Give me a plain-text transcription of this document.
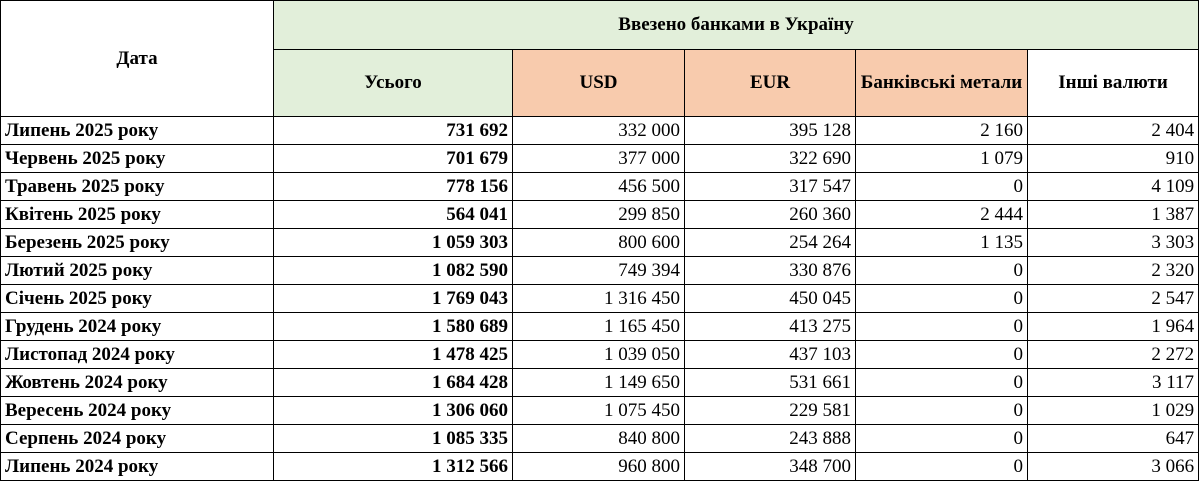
Дата	Ввезено банками в Україну				
	Усього	USD	EUR	Банківські метали	Інші валюти
Липень 2025 року	731 692	332 000	395 128	2 160	2 404
Червень 2025 року	701 679	377 000	322 690	1 079	910
Травень 2025 року	778 156	456 500	317 547	0	4 109
Квітень 2025 року	564 041	299 850	260 360	2 444	1 387
Березень 2025 року	1 059 303	800 600	254 264	1 135	3 303
Лютий 2025 року	1 082 590	749 394	330 876	0	2 320
Січень 2025 року	1 769 043	1 316 450	450 045	0	2 547
Грудень 2024 року	1 580 689	1 165 450	413 275	0	1 964
Листопад 2024 року	1 478 425	1 039 050	437 103	0	2 272
Жовтень 2024 року	1 684 428	1 149 650	531 661	0	3 117
Вересень 2024 року	1 306 060	1 075 450	229 581	0	1 029
Серпень 2024 року	1 085 335	840 800	243 888	0	647
Липень 2024 року	1 312 566	960 800	348 700	0	3 066
